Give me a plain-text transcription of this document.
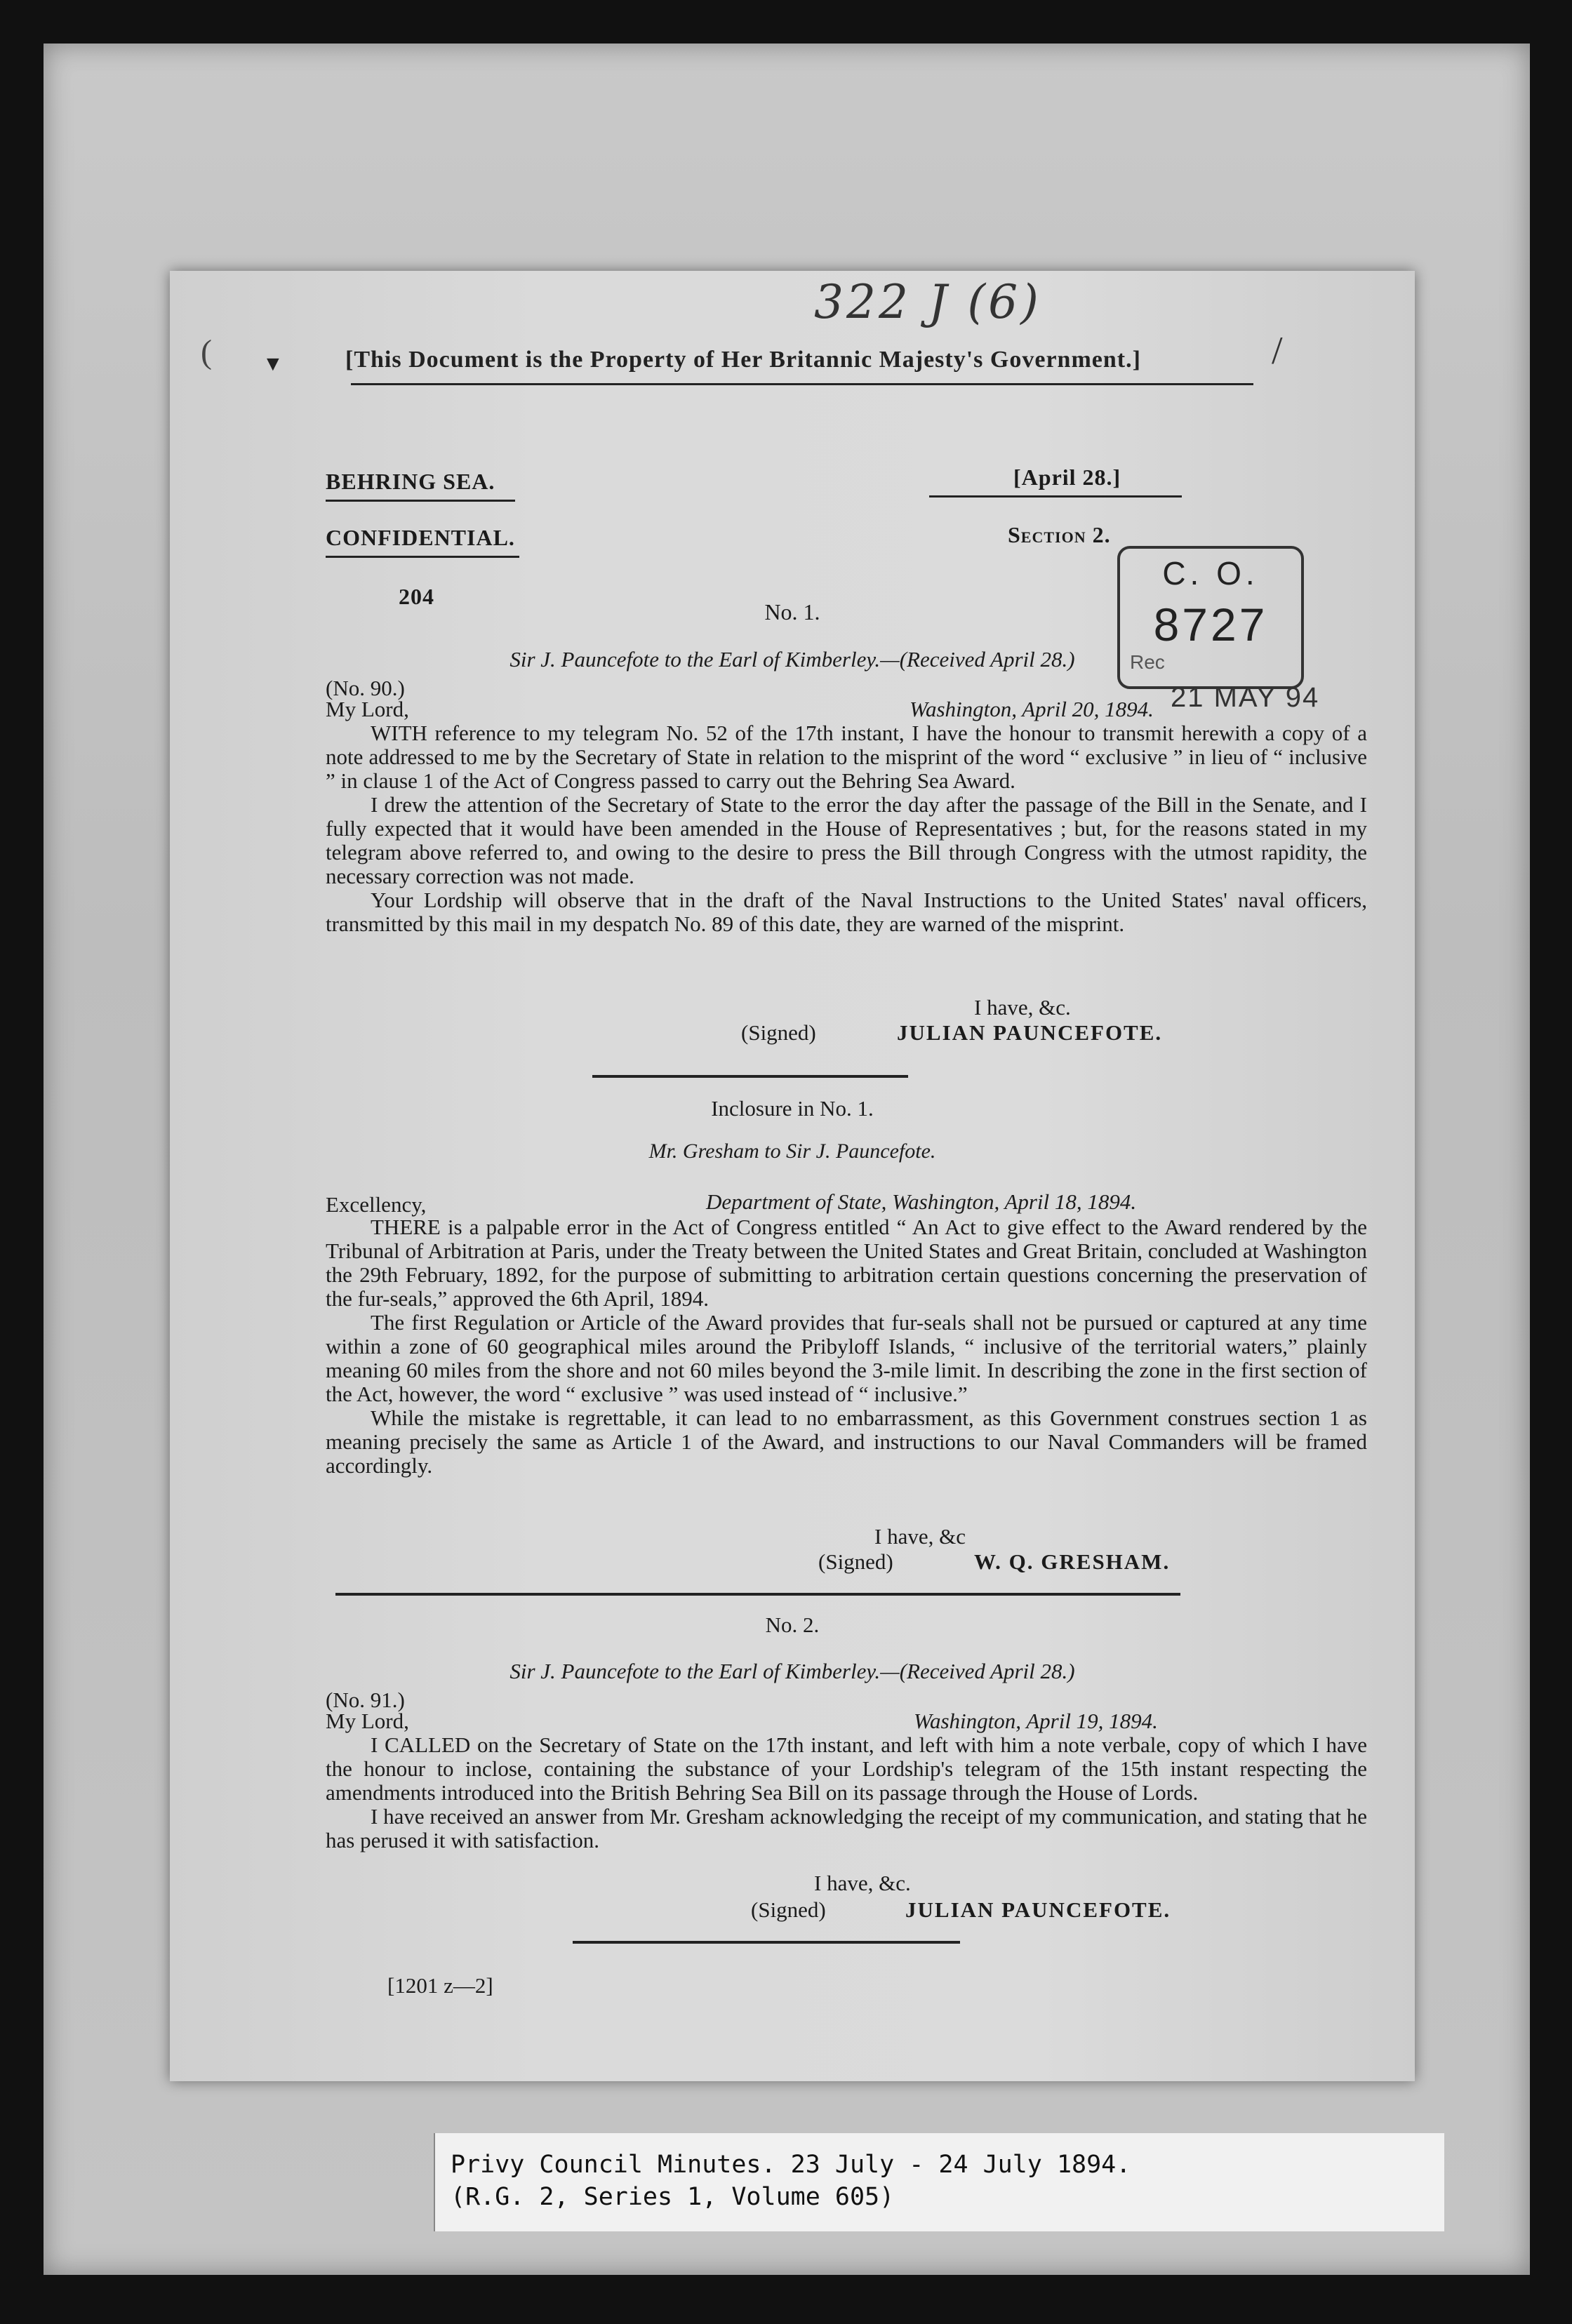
322 J (6)
(	/
▼	[This Document is the Property of Her Britannic Majesty's Government.]
BEHRING SEA.	[April 28.]
CONFIDENTIAL.	Section 2.
204
C. O.
8727
Rec
21 MAY 94
No. 1.
Sir J. Pauncefote to the Earl of Kimberley.—(Received April 28.)
(No. 90.)
My Lord,	Washington, April 20, 1894.

WITH reference to my telegram No. 52 of the 17th instant, I have the honour to transmit herewith a copy of a note addressed to me by the Secretary of State in relation to the misprint of the word “ exclusive ” in lieu of “ inclusive ” in clause 1 of the Act of Congress passed to carry out the Behring Sea Award.

I drew the attention of the Secretary of State to the error the day after the passage of the Bill in the Senate, and I fully expected that it would have been amended in the House of Representatives ; but, for the reasons stated in my telegram above referred to, and owing to the desire to press the Bill through Congress with the utmost rapidity, the necessary correction was not made.

Your Lordship will observe that in the draft of the Naval Instructions to the United States' naval officers, transmitted by this mail in my despatch No. 89 of this date, they are warned of the misprint.

I have, &c.
(Signed)	JULIAN PAUNCEFOTE.
Inclosure in No. 1.
Mr. Gresham to Sir J. Pauncefote.
Excellency,	Department of State, Washington, April 18, 1894.

THERE is a palpable error in the Act of Congress entitled “ An Act to give effect to the Award rendered by the Tribunal of Arbitration at Paris, under the Treaty between the United States and Great Britain, concluded at Washington the 29th February, 1892, for the purpose of submitting to arbitration certain questions concerning the preservation of the fur-seals,” approved the 6th April, 1894.

The first Regulation or Article of the Award provides that fur-seals shall not be pursued or captured at any time within a zone of 60 geographical miles around the Pribyloff Islands, “ inclusive of the territorial waters,” plainly meaning 60 miles from the shore and not 60 miles beyond the 3-mile limit. In describing the zone in the first section of the Act, however, the word “ exclusive ” was used instead of “ inclusive.”

While the mistake is regrettable, it can lead to no embarrassment, as this Government construes section 1 as meaning precisely the same as Article 1 of the Award, and instructions to our Naval Commanders will be framed accordingly.

I have, &c
(Signed)	W. Q. GRESHAM.
No. 2.
Sir J. Pauncefote to the Earl of Kimberley.—(Received April 28.)
(No. 91.)
My Lord,	Washington, April 19, 1894.

I CALLED on the Secretary of State on the 17th instant, and left with him a note verbale, copy of which I have the honour to inclose, containing the substance of your Lordship's telegram of the 15th instant respecting the amendments introduced into the British Behring Sea Bill on its passage through the House of Lords.

I have received an answer from Mr. Gresham acknowledging the receipt of my communication, and stating that he has perused it with satisfaction.

I have, &c.
(Signed)	JULIAN PAUNCEFOTE.
[1201 z—2]
Privy Council Minutes. 23 July - 24 July 1894.
(R.G. 2, Series 1, Volume 605)
